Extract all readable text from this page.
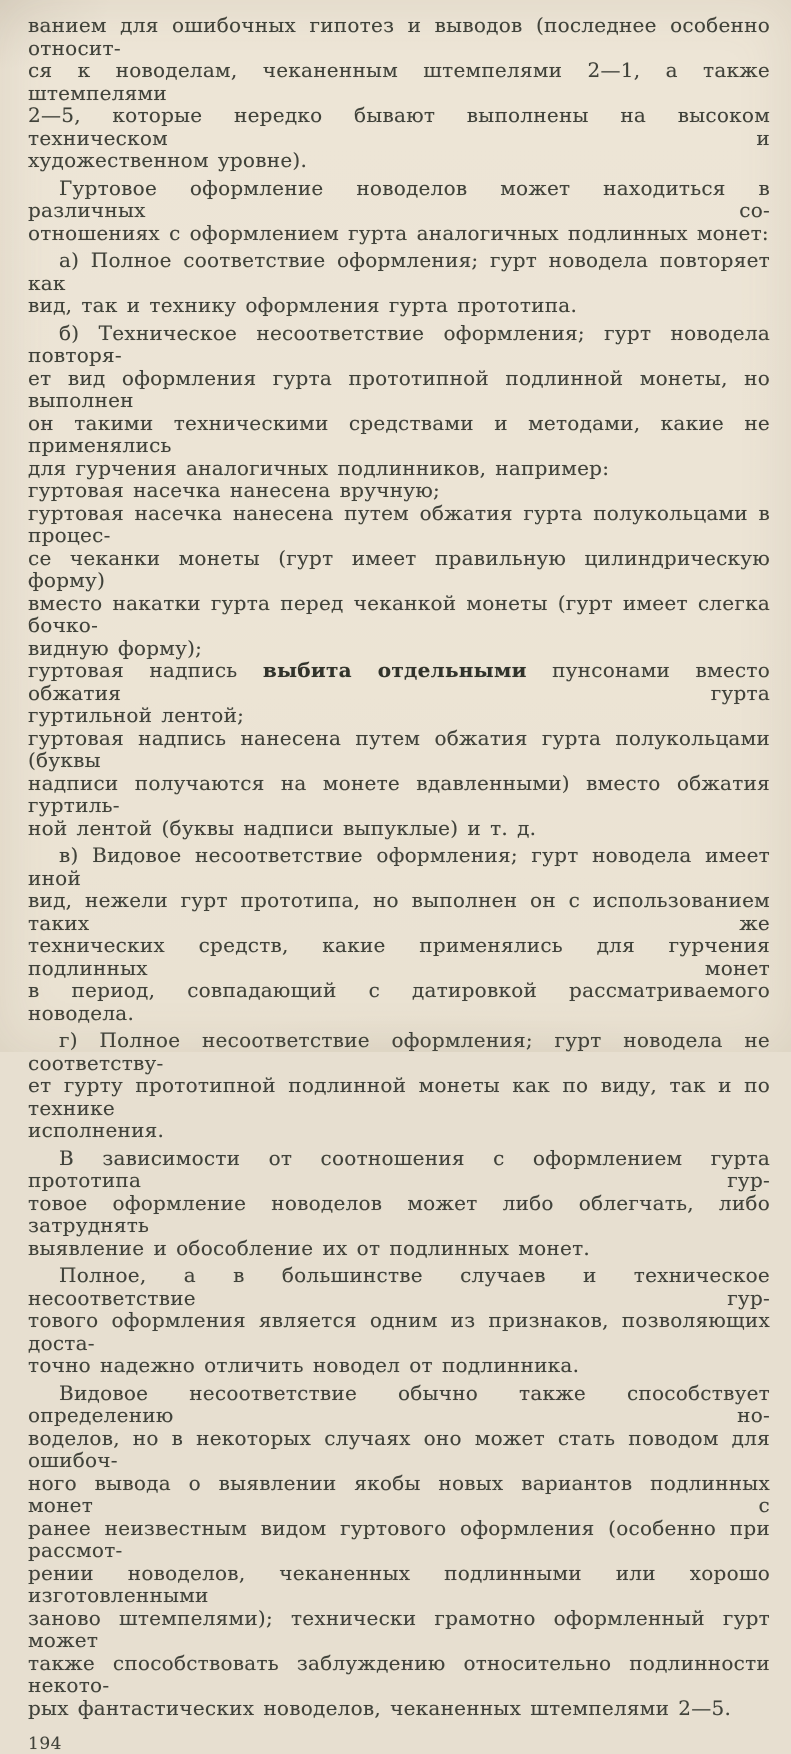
ванием для ошибочных гипотез и выводов (последнее особенно относит-
ся к новоделам, чеканенным штемпелями 2—1, а также штемпелями
2—5, которые нередко бывают выполнены на высоком техническом и
художественном уровне).
Гуртовое оформление новоделов может находиться в различных со-
отношениях с оформлением гурта аналогичных подлинных монет:
а) Полное соответствие оформления; гурт новодела повторяет как
вид, так и технику оформления гурта прототипа.
б) Техническое несоответствие оформления; гурт новодела повторя-
ет вид оформления гурта прототипной подлинной монеты, но выполнен
он такими техническими средствами и методами, какие не применялись
для гурчения аналогичных подлинников, например:
гуртовая насечка нанесена вручную;
гуртовая насечка нанесена путем обжатия гурта полукольцами в процес-
се чеканки монеты (гурт имеет правильную цилиндрическую форму)
вместо накатки гурта перед чеканкой монеты (гурт имеет слегка бочко-
видную форму);
гуртовая надпись выбита отдельными пунсонами вместо обжатия гурта
гуртильной лентой;
гуртовая надпись нанесена путем обжатия гурта полукольцами (буквы
надписи получаются на монете вдавленными) вместо обжатия гуртиль-
ной лентой (буквы надписи выпуклые) и т. д.
в) Видовое несоответствие оформления; гурт новодела имеет иной
вид, нежели гурт прототипа, но выполнен он с использованием таких же
технических средств, какие применялись для гурчения подлинных монет
в период, совпадающий с датировкой рассматриваемого новодела.
г) Полное несоответствие оформления; гурт новодела не соответству-
ет гурту прототипной подлинной монеты как по виду, так и по технике
исполнения.
В зависимости от соотношения с оформлением гурта прототипа гур-
товое оформление новоделов может либо облегчать, либо затруднять
выявление и обособление их от подлинных монет.
Полное, а в большинстве случаев и техническое несоответствие гур-
тового оформления является одним из признаков, позволяющих доста-
точно надежно отличить новодел от подлинника.
Видовое несоответствие обычно также способствует определению но-
воделов, но в некоторых случаях оно может стать поводом для ошибоч-
ного вывода о выявлении якобы новых вариантов подлинных монет с
ранее неизвестным видом гуртового оформления (особенно при рассмот-
рении новоделов, чеканенных подлинными или хорошо изготовленными
заново штемпелями); технически грамотно оформленный гурт может
также способствовать заблуждению относительно подлинности некото-
рых фантастических новоделов, чеканенных штемпелями 2—5.
194
